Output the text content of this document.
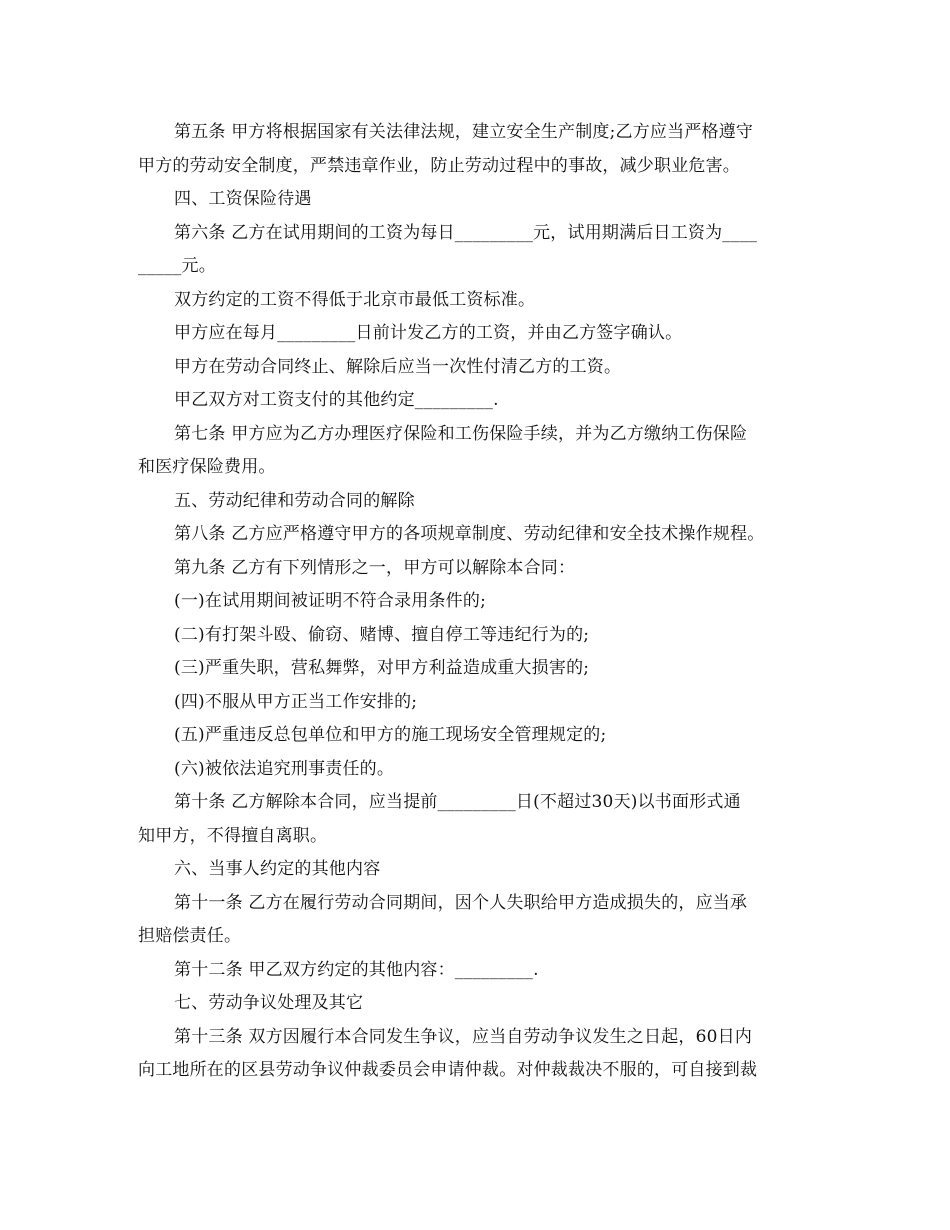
第五条 甲方将根据国家有关法律法规，建立安全生产制度;乙方应当严格遵守
甲方的劳动安全制度，严禁违章作业，防止劳动过程中的事故，减少职业危害。
四、工资保险待遇
第六条 乙方在试用期间的工资为每日_________元，试用期满后日工资为____
_____元。
双方约定的工资不得低于北京市最低工资标准。
甲方应在每月_________日前计发乙方的工资，并由乙方签字确认。
甲方在劳动合同终止、解除后应当一次性付清乙方的工资。
甲乙双方对工资支付的其他约定_________.
第七条 甲方应为乙方办理医疗保险和工伤保险手续，并为乙方缴纳工伤保险
和医疗保险费用。
五、劳动纪律和劳动合同的解除
第八条 乙方应严格遵守甲方的各项规章制度、劳动纪律和安全技术操作规程。
第九条 乙方有下列情形之一，甲方可以解除本合同：
(一)在试用期间被证明不符合录用条件的;
(二)有打架斗殴、偷窃、赌博、擅自停工等违纪行为的;
(三)严重失职，营私舞弊，对甲方利益造成重大损害的;
(四)不服从甲方正当工作安排的;
(五)严重违反总包单位和甲方的施工现场安全管理规定的;
(六)被依法追究刑事责任的。
第十条 乙方解除本合同，应当提前_________日(不超过30天)以书面形式通
知甲方，不得擅自离职。
六、当事人约定的其他内容
第十一条 乙方在履行劳动合同期间，因个人失职给甲方造成损失的，应当承
担赔偿责任。
第十二条 甲乙双方约定的其他内容：_________.
七、劳动争议处理及其它
第十三条 双方因履行本合同发生争议，应当自劳动争议发生之日起，60日内
向工地所在的区县劳动争议仲裁委员会申请仲裁。对仲裁裁决不服的，可自接到裁
